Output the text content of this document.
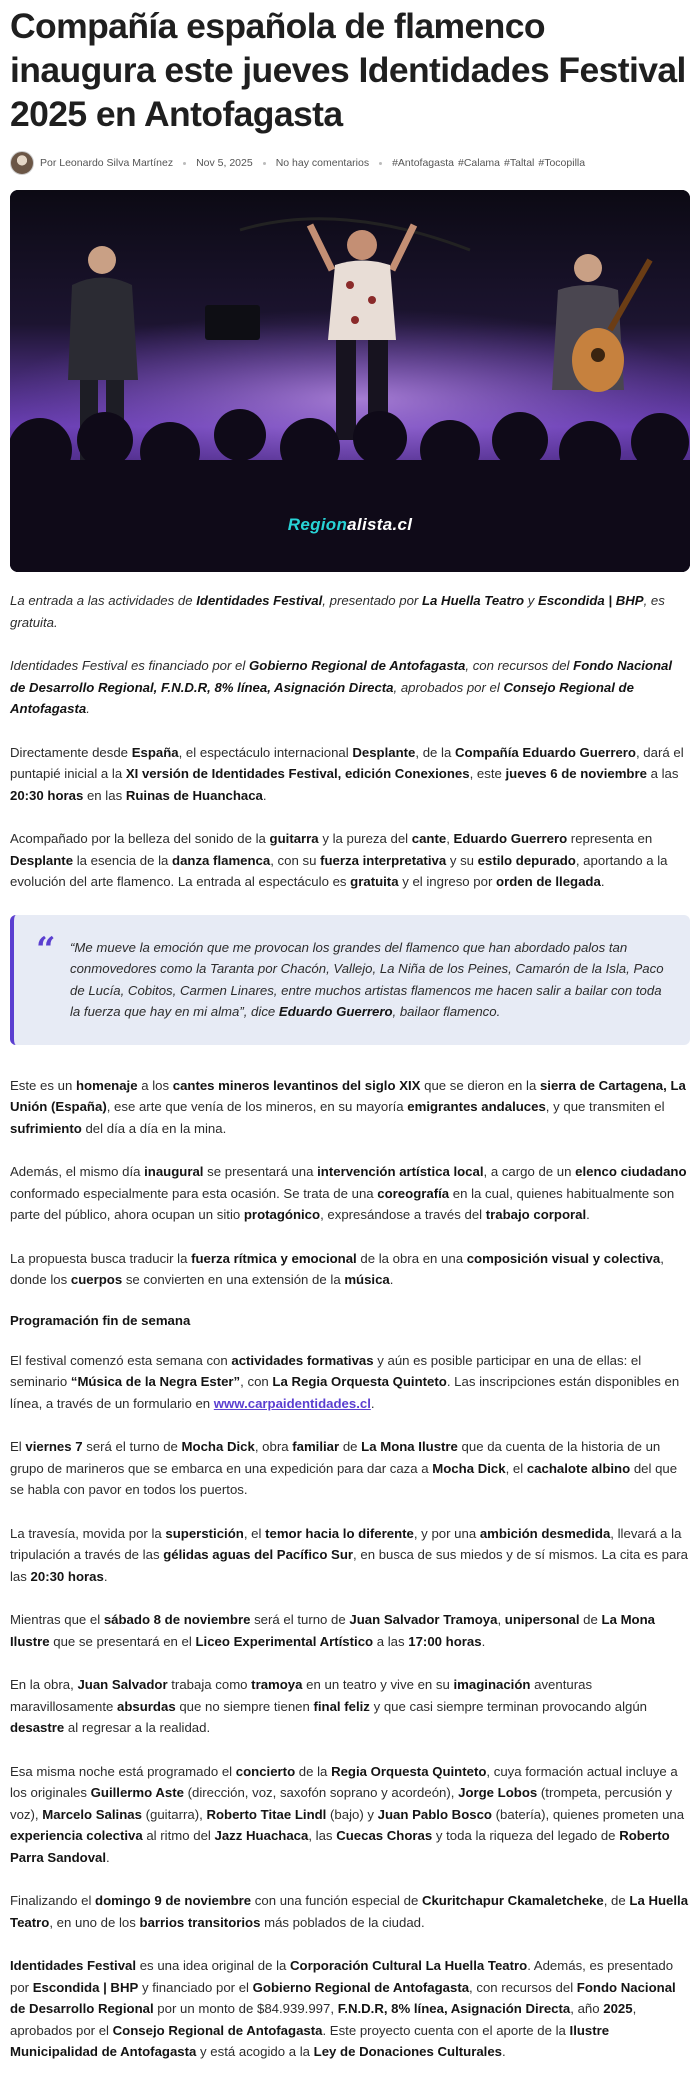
Compañía española de flamenco inaugura este jueves Identidades Festival 2025 en Antofagasta
Por Leonardo Silva Martínez Nov 5, 2025 No hay comentarios #Antofagasta #Calama #Taltal #Tocopilla
Regionalista.cl

La entrada a las actividades de Identidades Festival, presentado por La Huella Teatro y Escondida | BHP, es gratuita.

Identidades Festival es financiado por el Gobierno Regional de Antofagasta, con recursos del Fondo Nacional de Desarrollo Regional, F.N.D.R, 8% línea, Asignación Directa, aprobados por el Consejo Regional de Antofagasta.

Directamente desde España, el espectáculo internacional Desplante, de la Compañía Eduardo Guerrero, dará el puntapié inicial a la XI versión de Identidades Festival, edición Conexiones, este jueves 6 de noviembre a las 20:30 horas en las Ruinas de Huanchaca.

Acompañado por la belleza del sonido de la guitarra y la pureza del cante, Eduardo Guerrero representa en Desplante la esencia de la danza flamenca, con su fuerza interpretativa y su estilo depurado, aportando a la evolución del arte flamenco. La entrada al espectáculo es gratuita y el ingreso por orden de llegada.

“ “Me mueve la emoción que me provocan los grandes del flamenco que han abordado palos tan conmovedores como la Taranta por Chacón, Vallejo, La Niña de los Peines, Camarón de la Isla, Paco de Lucía, Cobitos, Carmen Linares, entre muchos artistas flamencos me hacen salir a bailar con toda la fuerza que hay en mi alma”, dice Eduardo Guerrero, bailaor flamenco.

Este es un homenaje a los cantes mineros levantinos del siglo XIX que se dieron en la sierra de Cartagena, La Unión (España), ese arte que venía de los mineros, en su mayoría emigrantes andaluces, y que transmiten el sufrimiento del día a día en la mina.

Además, el mismo día inaugural se presentará una intervención artística local, a cargo de un elenco ciudadano conformado especialmente para esta ocasión. Se trata de una coreografía en la cual, quienes habitualmente son parte del público, ahora ocupan un sitio protagónico, expresándose a través del trabajo corporal.

La propuesta busca traducir la fuerza rítmica y emocional de la obra en una composición visual y colectiva, donde los cuerpos se convierten en una extensión de la música.

Programación fin de semana

El festival comenzó esta semana con actividades formativas y aún es posible participar en una de ellas: el seminario “Música de la Negra Ester”, con La Regia Orquesta Quinteto. Las inscripciones están disponibles en línea, a través de un formulario en www.carpaidentidades.cl.

El viernes 7 será el turno de Mocha Dick, obra familiar de La Mona Ilustre que da cuenta de la historia de un grupo de marineros que se embarca en una expedición para dar caza a Mocha Dick, el cachalote albino del que se habla con pavor en todos los puertos.

La travesía, movida por la superstición, el temor hacia lo diferente, y por una ambición desmedida, llevará a la tripulación a través de las gélidas aguas del Pacífico Sur, en busca de sus miedos y de sí mismos. La cita es para las 20:30 horas.

Mientras que el sábado 8 de noviembre será el turno de Juan Salvador Tramoya, unipersonal de La Mona Ilustre que se presentará en el Liceo Experimental Artístico a las 17:00 horas.

En la obra, Juan Salvador trabaja como tramoya en un teatro y vive en su imaginación aventuras maravillosamente absurdas que no siempre tienen final feliz y que casi siempre terminan provocando algún desastre al regresar a la realidad.

Esa misma noche está programado el concierto de la Regia Orquesta Quinteto, cuya formación actual incluye a los originales Guillermo Aste (dirección, voz, saxofón soprano y acordeón), Jorge Lobos (trompeta, percusión y voz), Marcelo Salinas (guitarra), Roberto Titae Lindl (bajo) y Juan Pablo Bosco (batería), quienes prometen una experiencia colectiva al ritmo del Jazz Huachaca, las Cuecas Choras y toda la riqueza del legado de Roberto Parra Sandoval.

Finalizando el domingo 9 de noviembre con una función especial de Ckuritchapur Ckamaletcheke, de La Huella Teatro, en uno de los barrios transitorios más poblados de la ciudad.

Identidades Festival es una idea original de la Corporación Cultural La Huella Teatro. Además, es presentado por Escondida | BHP y financiado por el Gobierno Regional de Antofagasta, con recursos del Fondo Nacional de Desarrollo Regional por un monto de $84.939.997, F.N.D.R, 8% línea, Asignación Directa, año 2025, aprobados por el Consejo Regional de Antofagasta. Este proyecto cuenta con el aporte de la Ilustre Municipalidad de Antofagasta y está acogido a la Ley de Donaciones Culturales.
